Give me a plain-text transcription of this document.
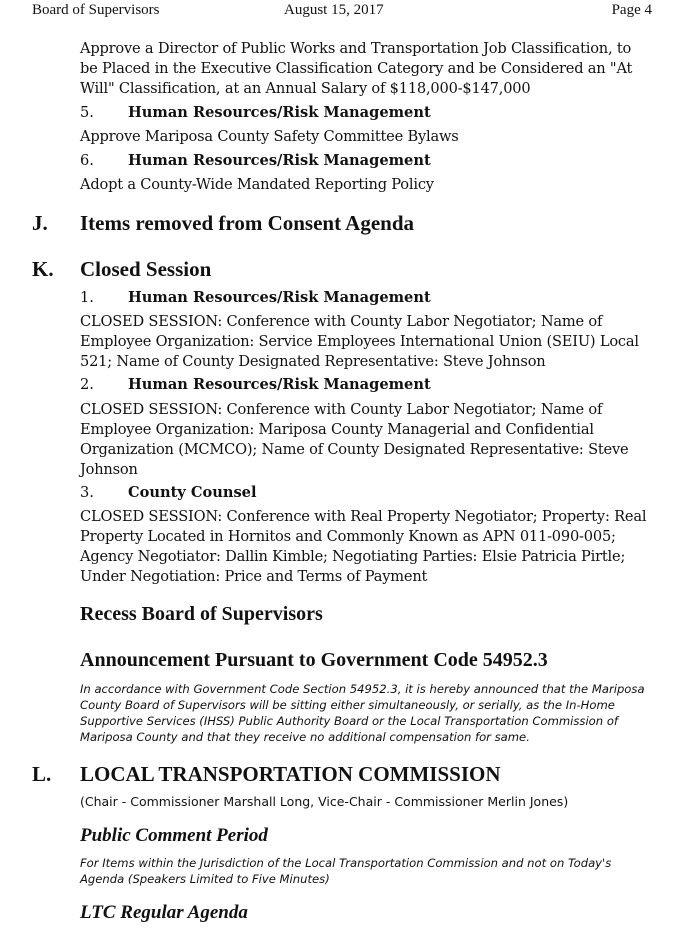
Board of Supervisors	August 15, 2017	Page 4
Approve a Director of Public Works and Transportation Job Classification, to be Placed in the Executive Classification Category and be Considered an "At Will" Classification, at an Annual Salary of $118,000-$147,000
5. Human Resources/Risk Management
Approve Mariposa County Safety Committee Bylaws
6. Human Resources/Risk Management
Adopt a County-Wide Mandated Reporting Policy
J. Items removed from Consent Agenda
K. Closed Session
1. Human Resources/Risk Management
CLOSED SESSION: Conference with County Labor Negotiator; Name of Employee Organization: Service Employees International Union (SEIU) Local 521; Name of County Designated Representative: Steve Johnson
2. Human Resources/Risk Management
CLOSED SESSION: Conference with County Labor Negotiator; Name of Employee Organization: Mariposa County Managerial and Confidential Organization (MCMCO); Name of County Designated Representative: Steve Johnson
3. County Counsel
CLOSED SESSION: Conference with Real Property Negotiator; Property: Real Property Located in Hornitos and Commonly Known as APN 011-090-005; Agency Negotiator: Dallin Kimble; Negotiating Parties: Elsie Patricia Pirtle; Under Negotiation: Price and Terms of Payment
Recess Board of Supervisors
Announcement Pursuant to Government Code 54952.3
In accordance with Government Code Section 54952.3, it is hereby announced that the Mariposa County Board of Supervisors will be sitting either simultaneously, or serially, as the In-Home Supportive Services (IHSS) Public Authority Board or the Local Transportation Commission of Mariposa County and that they receive no additional compensation for same.
L. LOCAL TRANSPORTATION COMMISSION
(Chair - Commissioner Marshall Long, Vice-Chair - Commissioner Merlin Jones)
Public Comment Period
For Items within the Jurisdiction of the Local Transportation Commission and not on Today's Agenda (Speakers Limited to Five Minutes)
LTC Regular Agenda
